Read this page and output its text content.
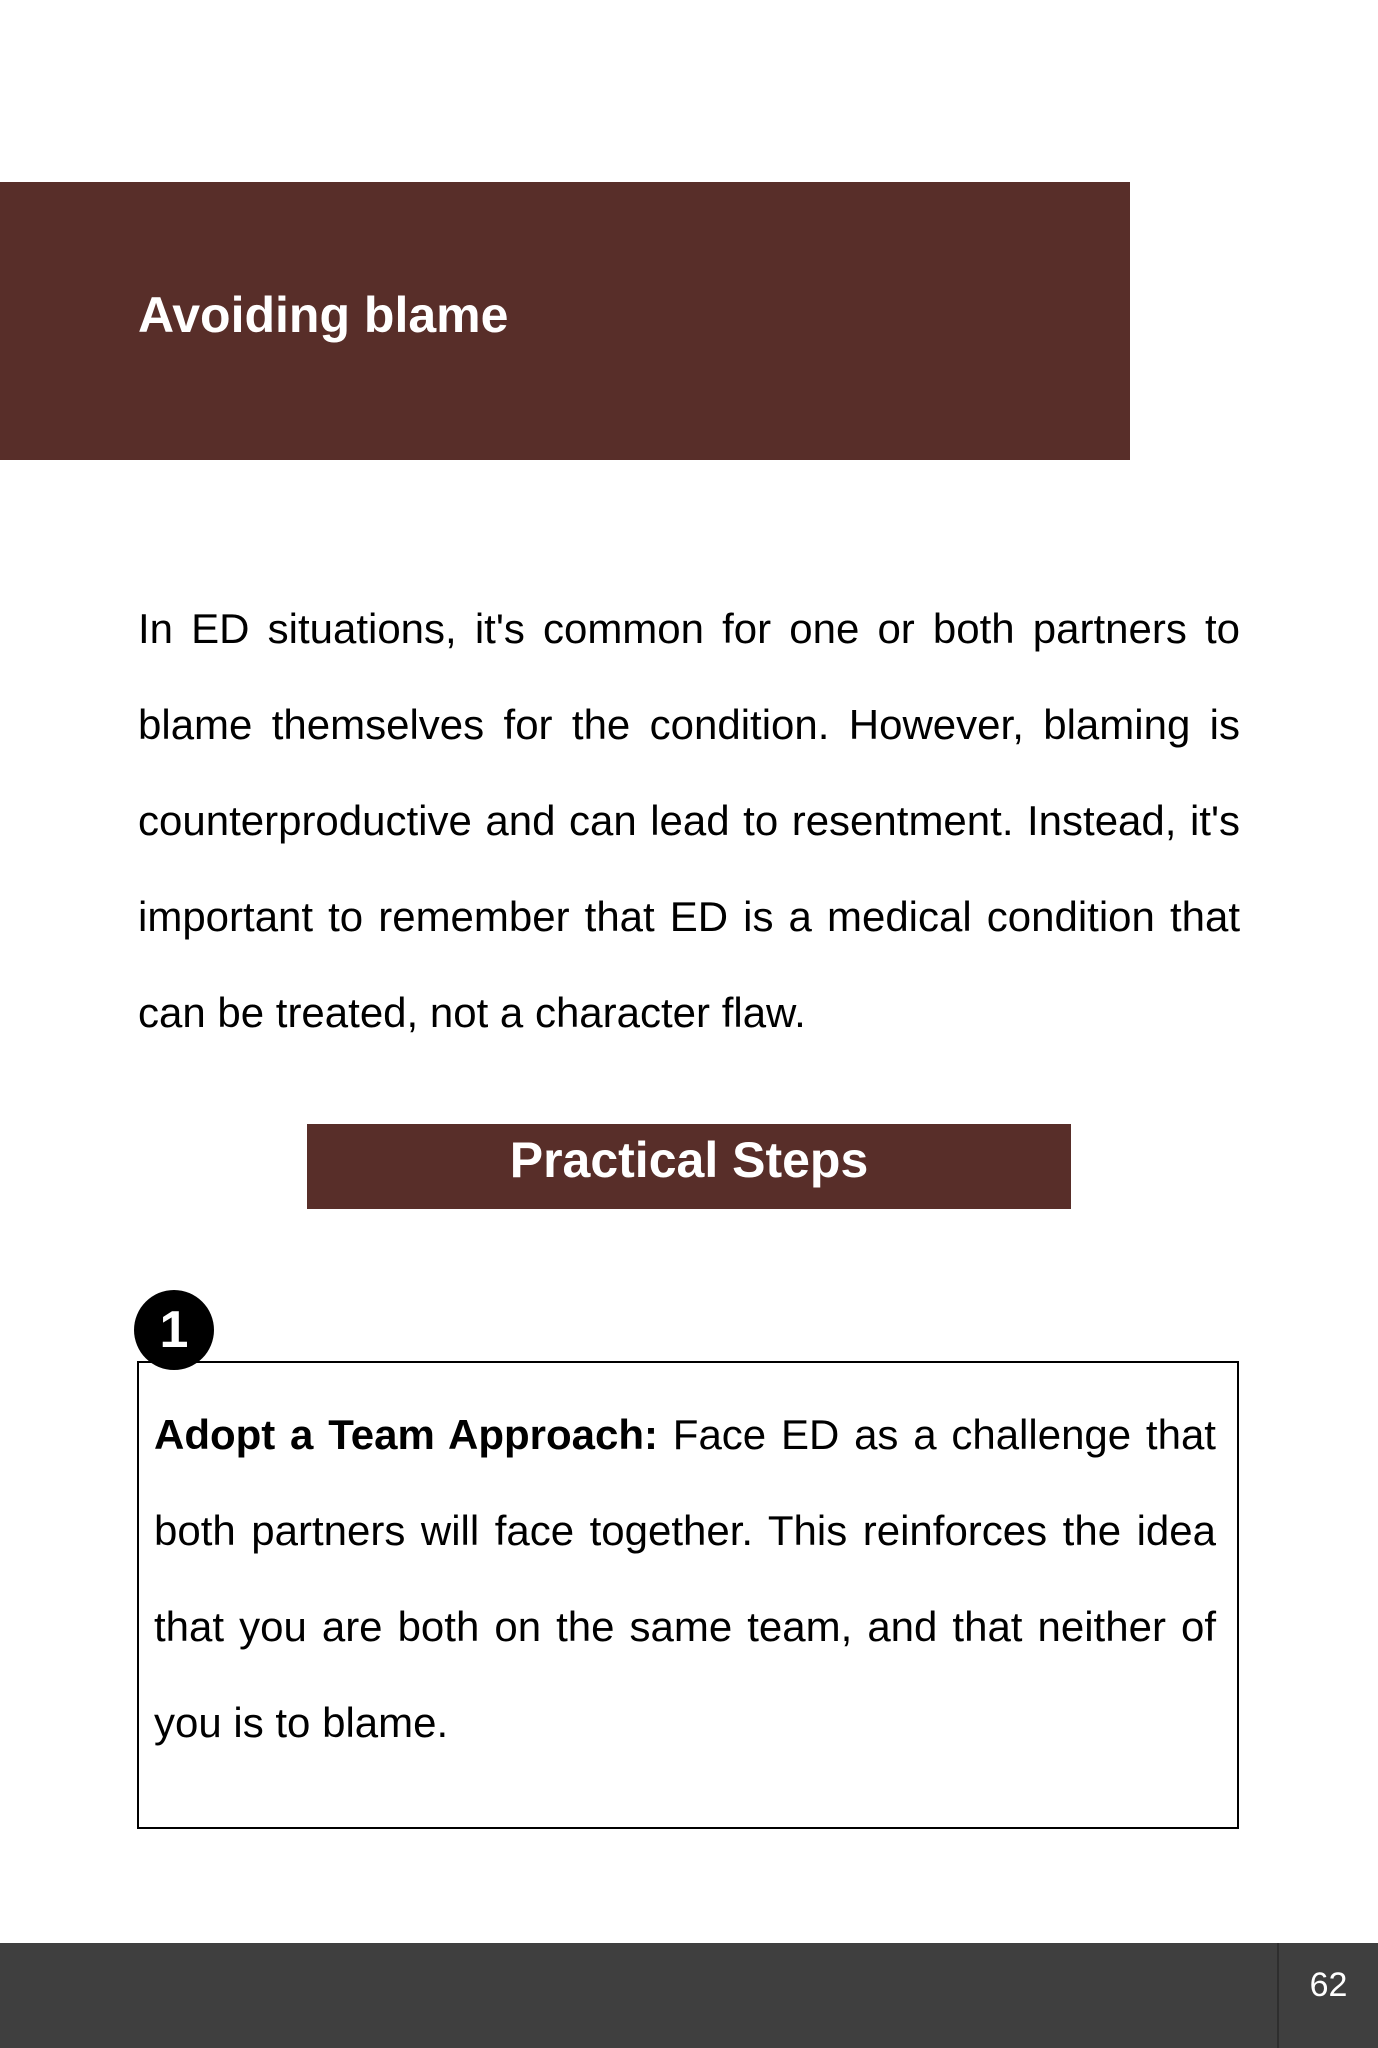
Avoiding blame

In ED situations, it's common for one or both partners to blame themselves for the condition. However, blaming is counterproductive and can lead to resentment. Instead, it's important to remember that ED is a medical condition that can be treated, not a character flaw.

Practical Steps
1

Adopt a Team Approach: Face ED as a challenge that both partners will face together. This reinforces the idea that you are both on the same team, and that neither of you is to blame.

62
